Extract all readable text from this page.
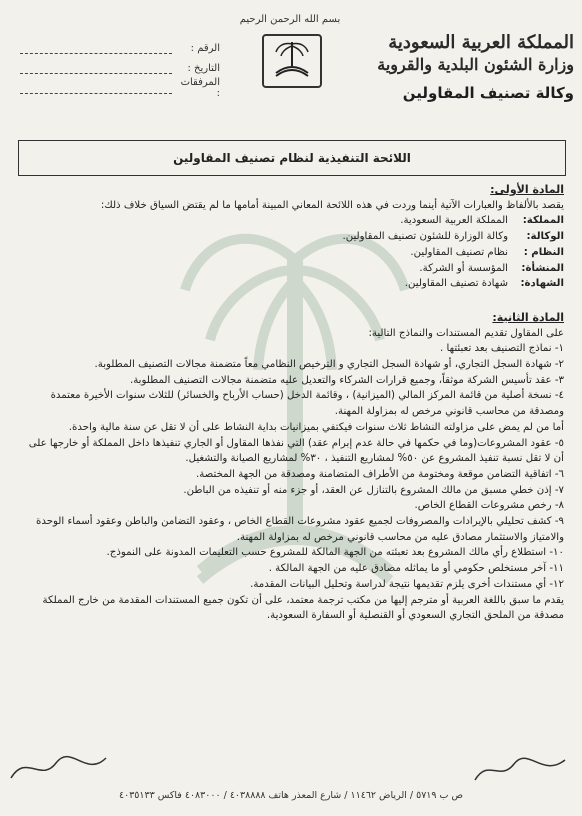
بسم الله الرحمن الرحيم
المملكة العربية السعودية
وزارة الشئون البلدية والقروية
وكالة تصنيف المقاولين
الرقم :
التاريخ :
المرفقات :
اللائحة التنفيذية لنظام تصنيف المقاولين

المادة الأولى:

يقصد بالألفاظ والعبارات الآتية أينما وردت في هذه اللائحة المعاني المبينة أمامها ما لم يقتض السياق خلاف ذلك:

المملكة:
المملكة العربية السعودية.
الوكالة:
وكالة الوزارة للشئون تصنيف المقاولين.
النظام :
نظام تصنيف المقاولين.
المنشأة:
المؤسسة أو الشركة.
الشهادة:
شهادة تصنيف المقاولين.

المادة الثانية:

على المقاول تقديم المستندات والنماذج التالية:

١- نماذج التصنيف بعد تعبئتها .

٢- شهادة السجل التجاري، أو شهادة السجل التجاري و الترخيص النظامي معاً متضمنة مجالات التصنيف المطلوبة.

٣- عقد تأسيس الشركة موثقاً، وجميع قرارات الشركاء والتعديل عليه متضمنة مجالات التصنيف المطلوبة.

٤- نسخة أصلية من قائمة المركز المالي (الميزانية) ، وقائمة الدخل (حساب الأرباح والخسائر) للثلاث سنوات الأخيرة معتمدة ومصدقة من محاسب قانوني مرخص له بمزاولة المهنة.

أما من لم يمض على مزاولته النشاط ثلاث سنوات فيكتفي بميزانيات بداية النشاط على أن لا تقل عن سنة مالية واحدة.

٥- عقود المشروعات(وما في حكمها في حالة عدم إبرام عقد) التي نفذها المقاول أو الجاري تنفيذها داخل المملكة أو خارجها على أن لا تقل نسبة تنفيذ المشروع عن ٥٠% لمشاريع التنفيذ ، ٣٠% لمشاريع الصيانة والتشغيل.

٦- اتفاقية التضامن موقعة ومختومة من الأطراف المتضامنة ومصدقة من الجهة المختصة.

٧- إذن خطي مسبق من مالك المشروع بالتنازل عن العقد، أو جزء منه أو تنفيذه من الباطن.

٨- رخص مشروعات القطاع الخاص.

٩- كشف تحليلي بالإيرادات والمصروفات لجميع عقود مشروعات القطاع الخاص ، وعقود التضامن والباطن وعقود أسماء الوحدة والامتياز والاستثمار مصادق عليه من محاسب قانوني مرخص له بمزاولة المهنة.

١٠- استطلاع رأي مالك المشروع بعد تعبئته من الجهة المالكة للمشروع حسب التعليمات المدونة على النموذج.

١١- آخر مستخلص حكومي أو ما يماثله مصادق عليه من الجهة المالكة .

١٢- أي مستندات أخرى يلزم تقديمها نتيجة لدراسة وتحليل البيانات المقدمة.

يقدم ما سبق باللغة العربية أو مترجم إليها من مكتب ترجمة معتمد، على أن تكون جميع المستندات المقدمة من خارج المملكة مصدقة من الملحق التجاري السعودي أو القنصلية أو السفارة السعودية.

ص ب ٥٧١٩ / الرياض ١١٤٦٢ / شارع المعذر هاتف ٤٠٣٨٨٨٨ / ٤٠٨٣٠٠٠ فاكس ٤٠٣٥١٣٣
